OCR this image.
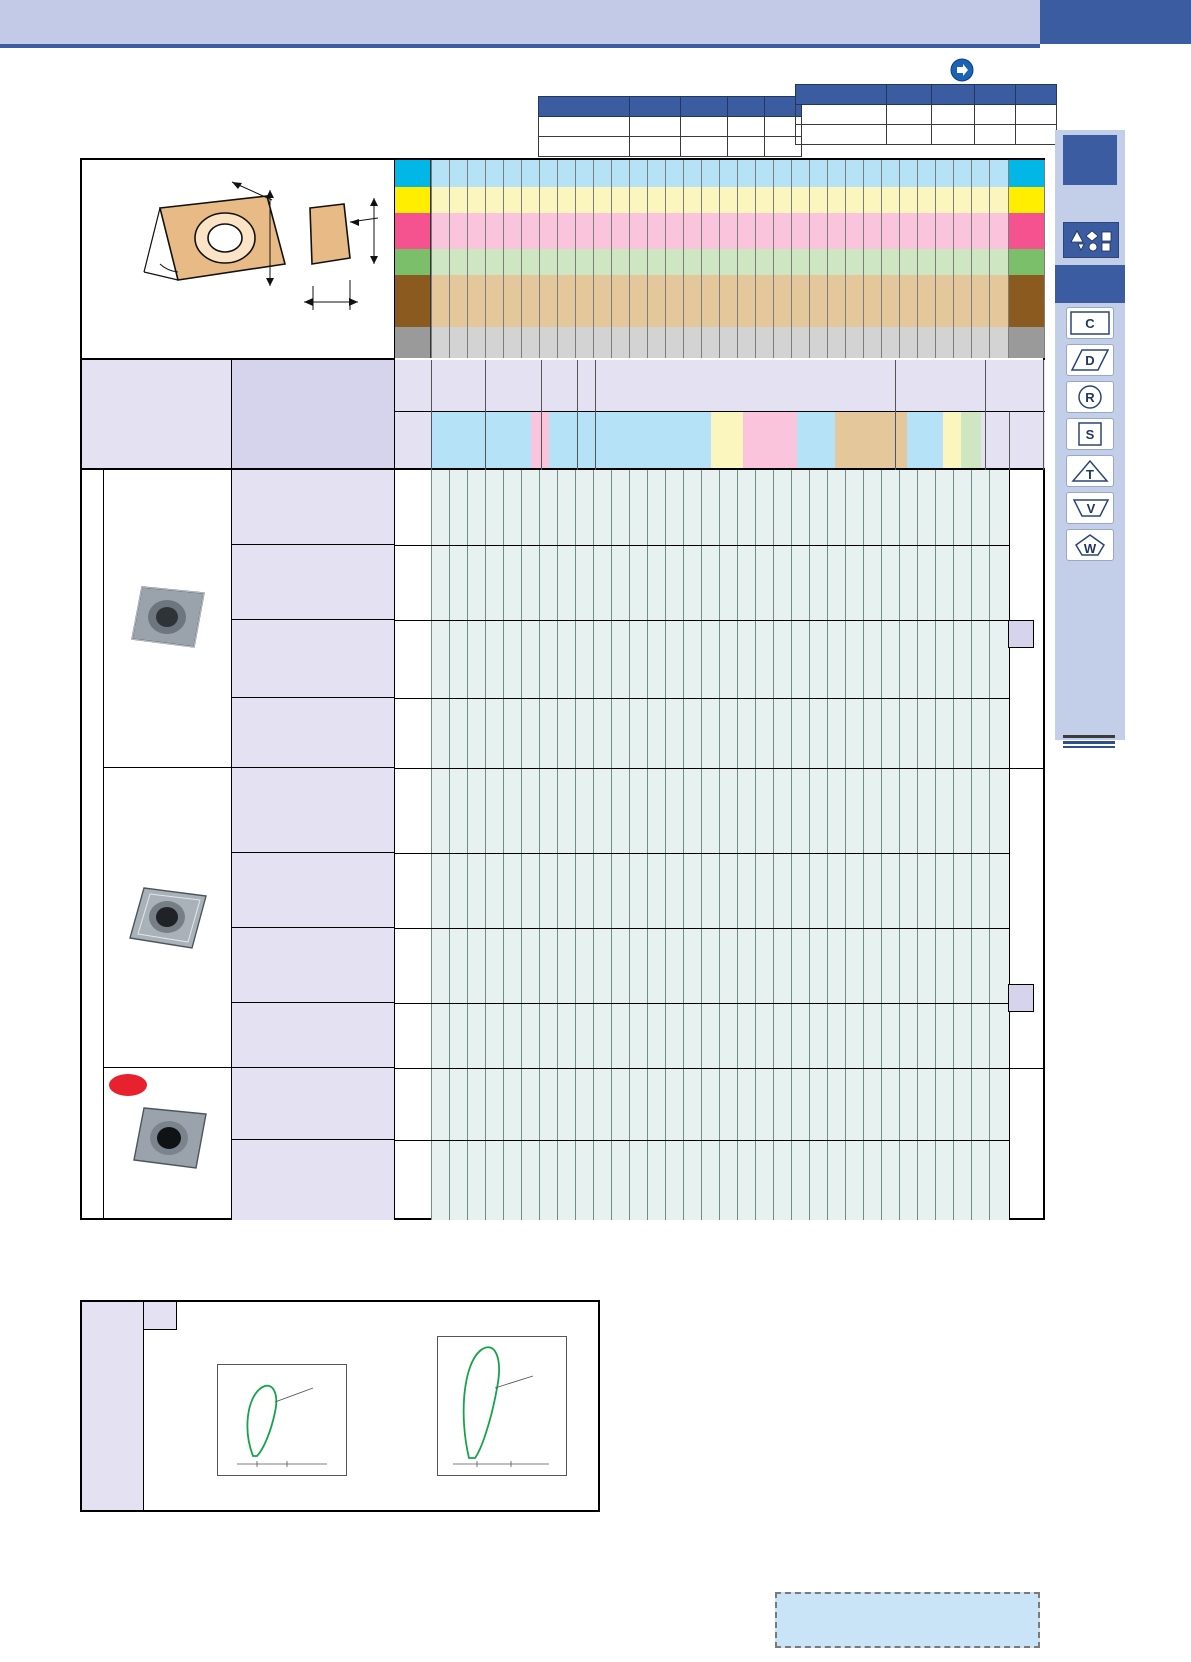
C
D
R
S
T
V
W
